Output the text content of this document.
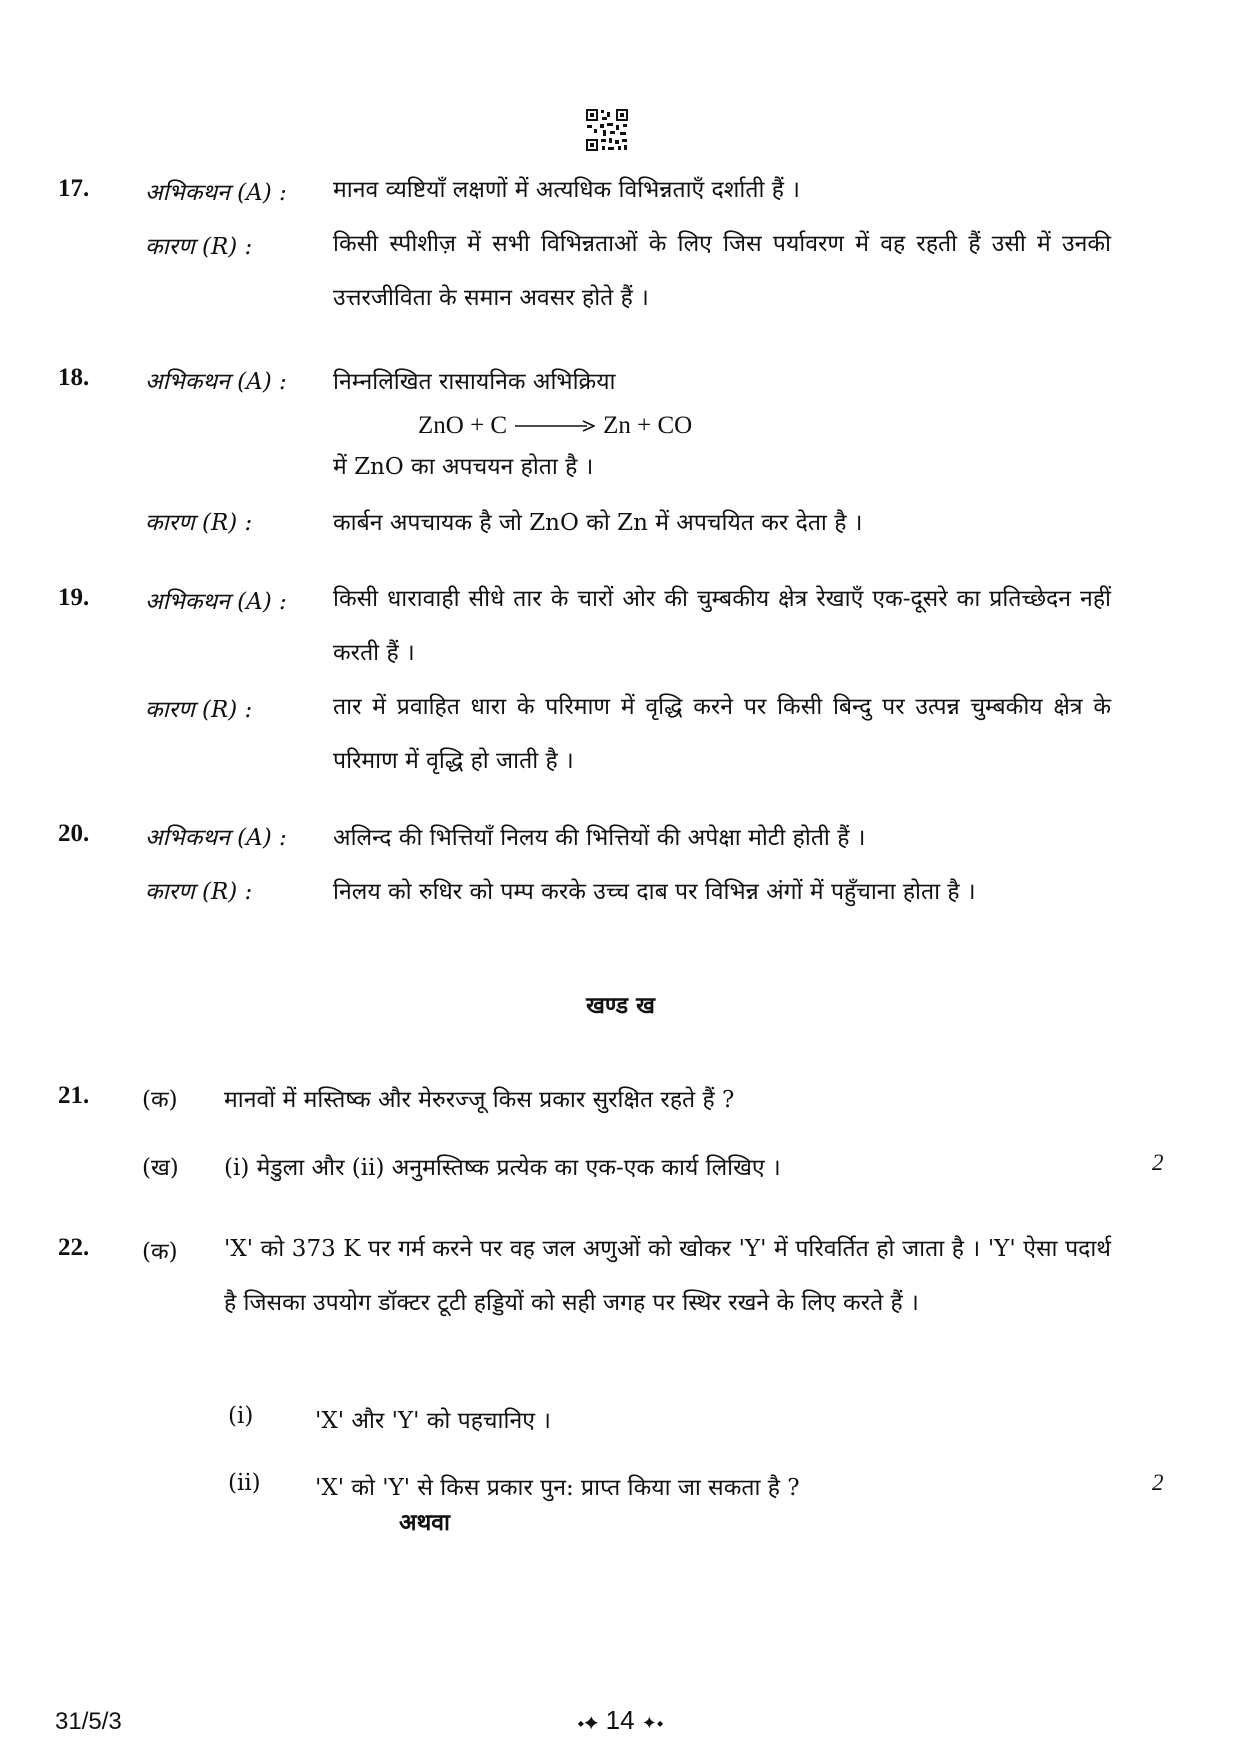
17. अभिकथन (A) : मानव व्यष्टियाँ लक्षणों में अत्यधिक विभिन्नताएँ दर्शाती हैं ।
कारण (R) :	किसी स्पीशीज़ में सभी विभिन्नताओं के लिए जिस पर्यावरण में वह रहती हैं उसी में उनकी उत्तरजीविता के समान अवसर होते हैं ।
18. अभिकथन (A) : निम्नलिखित रासायनिक अभिक्रिया
ZnO + C → Zn + CO
में ZnO का अपचयन होता है ।
कारण (R) :	कार्बन अपचायक है जो ZnO को Zn में अपचयित कर देता है ।
19. अभिकथन (A) : किसी धारावाही सीधे तार के चारों ओर की चुम्बकीय क्षेत्र रेखाएँ एक-दूसरे का प्रतिच्छेदन नहीं करती हैं ।
कारण (R) :	तार में प्रवाहित धारा के परिमाण में वृद्धि करने पर किसी बिन्दु पर उत्पन्न चुम्बकीय क्षेत्र के परिमाण में वृद्धि हो जाती है ।
20. अभिकथन (A) : अलिन्द की भित्तियाँ निलय की भित्तियों की अपेक्षा मोटी होती हैं ।
कारण (R) :	निलय को रुधिर को पम्प करके उच्च दाब पर विभिन्न अंगों में पहुँचाना होता है ।
खण्ड ख
21. (क) मानवों में मस्तिष्क और मेरुरज्जू किस प्रकार सुरक्षित रहते हैं ?
(ख) (i) मेडुला और (ii) अनुमस्तिष्क प्रत्येक का एक-एक कार्य लिखिए ।	2
22. (क) 'X' को 373 K पर गर्म करने पर वह जल अणुओं को खोकर 'Y' में परिवर्तित हो जाता है । 'Y' ऐसा पदार्थ है जिसका उपयोग डॉक्टर टूटी हड्डियों को सही जगह पर स्थिर रखने के लिए करते हैं ।
(i)	'X' और 'Y' को पहचानिए ।
(ii) 'X' को 'Y' से किस प्रकार पुन: प्राप्त किया जा सकता है ?	2
अथवा
31/5/3	⬩✦ 14 ✦⬩
